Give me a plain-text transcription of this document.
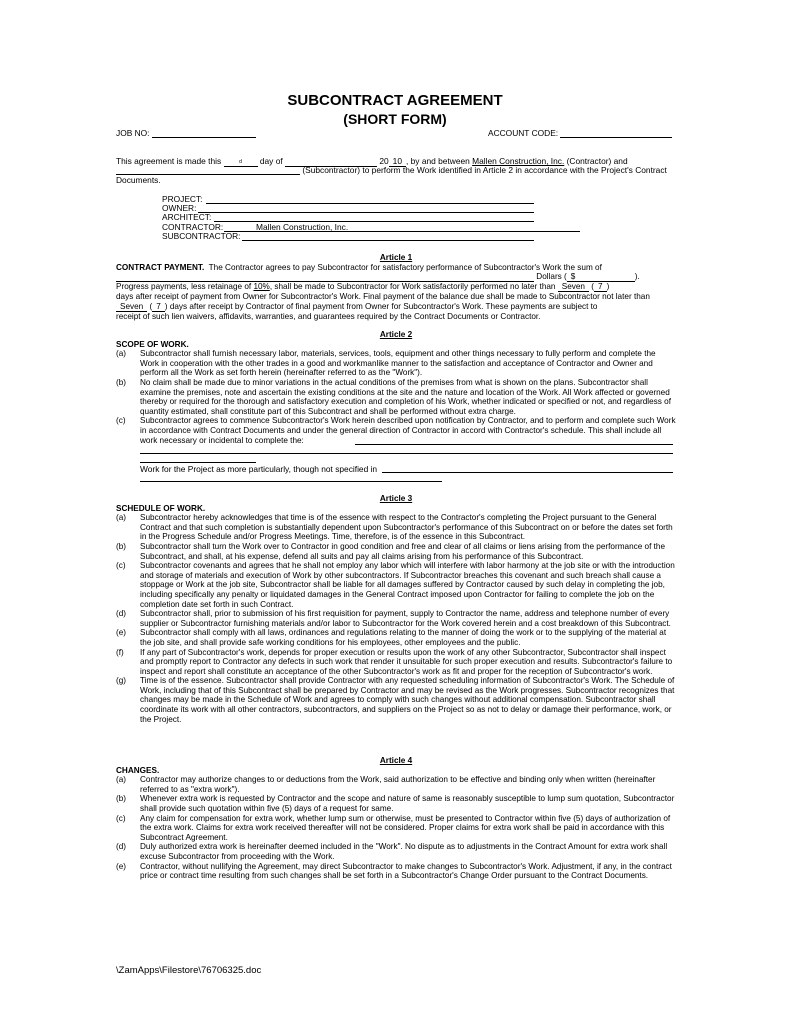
SUBCONTRACT AGREEMENT
(SHORT FORM)
JOB NO:	ACCOUNT CODE:
This agreement is made this	$^d$ day of	20 10 , by and between Mallen Construction, Inc. (Contractor) and
(Subcontractor) to perform the Work identified in Article 2 in accordance with the Project's Contract
Documents.
PROJECT:
OWNER:
ARCHITECT:
CONTRACTOR:	Mallen Construction, Inc.
SUBCONTRACTOR:

Article 1

CONTRACT PAYMENT. The Contractor agrees to pay Subcontractor for satisfactory performance of Subcontractor's Work the sum of

Dollars ( $	).

Progress payments, less retainage of 10%, shall be made to Subcontractor for Work satisfactorily performed no later than Seven ( 7 )

days after receipt of payment from Owner for Subcontractor's Work. Final payment of the balance due shall be made to Subcontractor not later than

Seven ( 7 ) days after receipt by Contractor of final payment from Owner for Subcontractor's Work. These payments are subject to

receipt of such lien waivers, affidavits, warranties, and guarantees required by the Contract Documents or Contractor.

Article 2

SCOPE OF WORK.

(a) Subcontractor shall furnish necessary labor, materials, services, tools, equipment and other things necessary to fully perform and complete the Work in cooperation with the other trades in a good and workmanlike manner to the satisfaction and acceptance of Contractor and Owner and perform all the Work as set forth herein (hereinafter referred to as the "Work").

(b) No claim shall be made due to minor variations in the actual conditions of the premises from what is shown on the plans. Subcontractor shall examine the premises, note and ascertain the existing conditions at the site and the nature and location of the Work. All Work affected or governed thereby or required for the thorough and satisfactory execution and completion of his Work, whether indicated or specified or not, and regardless of quantity estimated, shall constitute part of this Subcontract and shall be performed without extra charge.

(c) Subcontractor agrees to commence Subcontractor's Work herein described upon notification by Contractor, and to perform and complete such Work in accordance with Contract Documents and under the general direction of Contractor in accord with Contractor's schedule. This shall include all work necessary or incidental to complete the:

Work for the Project as more particularly, though not specified in

Article 3

SCHEDULE OF WORK.

(a) Subcontractor hereby acknowledges that time is of the essence with respect to the Contractor's completing the Project pursuant to the General Contract and that such completion is substantially dependent upon Subcontractor's performance of this Subcontract on or before the dates set forth in the Progress Schedule and/or Progress Meetings. Time, therefore, is of the essence in this Subcontract.

(b) Subcontractor shall turn the Work over to Contractor in good condition and free and clear of all claims or liens arising from the performance of the Subcontract, and shall, at his expense, defend all suits and pay all claims arising from his performance of this Subcontract.

(c) Subcontractor covenants and agrees that he shall not employ any labor which will interfere with labor harmony at the job site or with the introduction and storage of materials and execution of Work by other subcontractors. If Subcontractor breaches this covenant and such breach shall cause a stoppage or Work at the job site, Subcontractor shall be liable for all damages suffered by Contractor caused by such delay in completing the job, including specifically any penalty or liquidated damages in the General Contract imposed upon Contractor for failing to complete the job on the completion date set forth in such Contract.

(d) Subcontractor shall, prior to submission of his first requisition for payment, supply to Contractor the name, address and telephone number of every supplier or Subcontractor furnishing materials and/or labor to Subcontractor for the Work covered herein and a cost breakdown of this Subcontract.

(e) Subcontractor shall comply with all laws, ordinances and regulations relating to the manner of doing the work or to the supplying of the material at the job site, and shall provide safe working conditions for his employees, other employees and the public.

(f) If any part of Subcontractor's work, depends for proper execution or results upon the work of any other Subcontractor, Subcontractor shall inspect and promptly report to Contractor any defects in such work that render it unsuitable for such proper execution and results. Subcontractor's failure to inspect and report shall constitute an acceptance of the other Subcontractor's work as fit and proper for the reception of Subcontractor's work.

(g) Time is of the essence. Subcontractor shall provide Contractor with any requested scheduling information of Subcontractor's Work. The Schedule of Work, including that of this Subcontract shall be prepared by Contractor and may be revised as the Work progresses. Subcontractor recognizes that changes may be made in the Schedule of Work and agrees to comply with such changes without additional compensation. Subcontractor shall coordinate its work with all other contractors, subcontractors, and suppliers on the Project so as not to delay or damage their performance, work, or the Project.

Article 4

CHANGES.

(a) Contractor may authorize changes to or deductions from the Work, said authorization to be effective and binding only when written (hereinafter referred to as "extra work").

(b) Whenever extra work is requested by Contractor and the scope and nature of same is reasonably susceptible to lump sum quotation, Subcontractor shall provide such quotation within five (5) days of a request for same.

(c) Any claim for compensation for extra work, whether lump sum or otherwise, must be presented to Contractor within five (5) days of authorization of the extra work. Claims for extra work received thereafter will not be considered. Proper claims for extra work shall be paid in accordance with this Subcontract Agreement.

(d) Duly authorized extra work is hereinafter deemed included in the "Work". No dispute as to adjustments in the Contract Amount for extra work shall excuse Subcontractor from proceeding with the Work.

(e) Contractor, without nullifying the Agreement, may direct Subcontractor to make changes to Subcontractor's Work. Adjustment, if any, in the contract price or contract time resulting from such changes shall be set forth in a Subcontractor's Change Order pursuant to the Contract Documents.

\ZamApps\Filestore\76706325.doc
